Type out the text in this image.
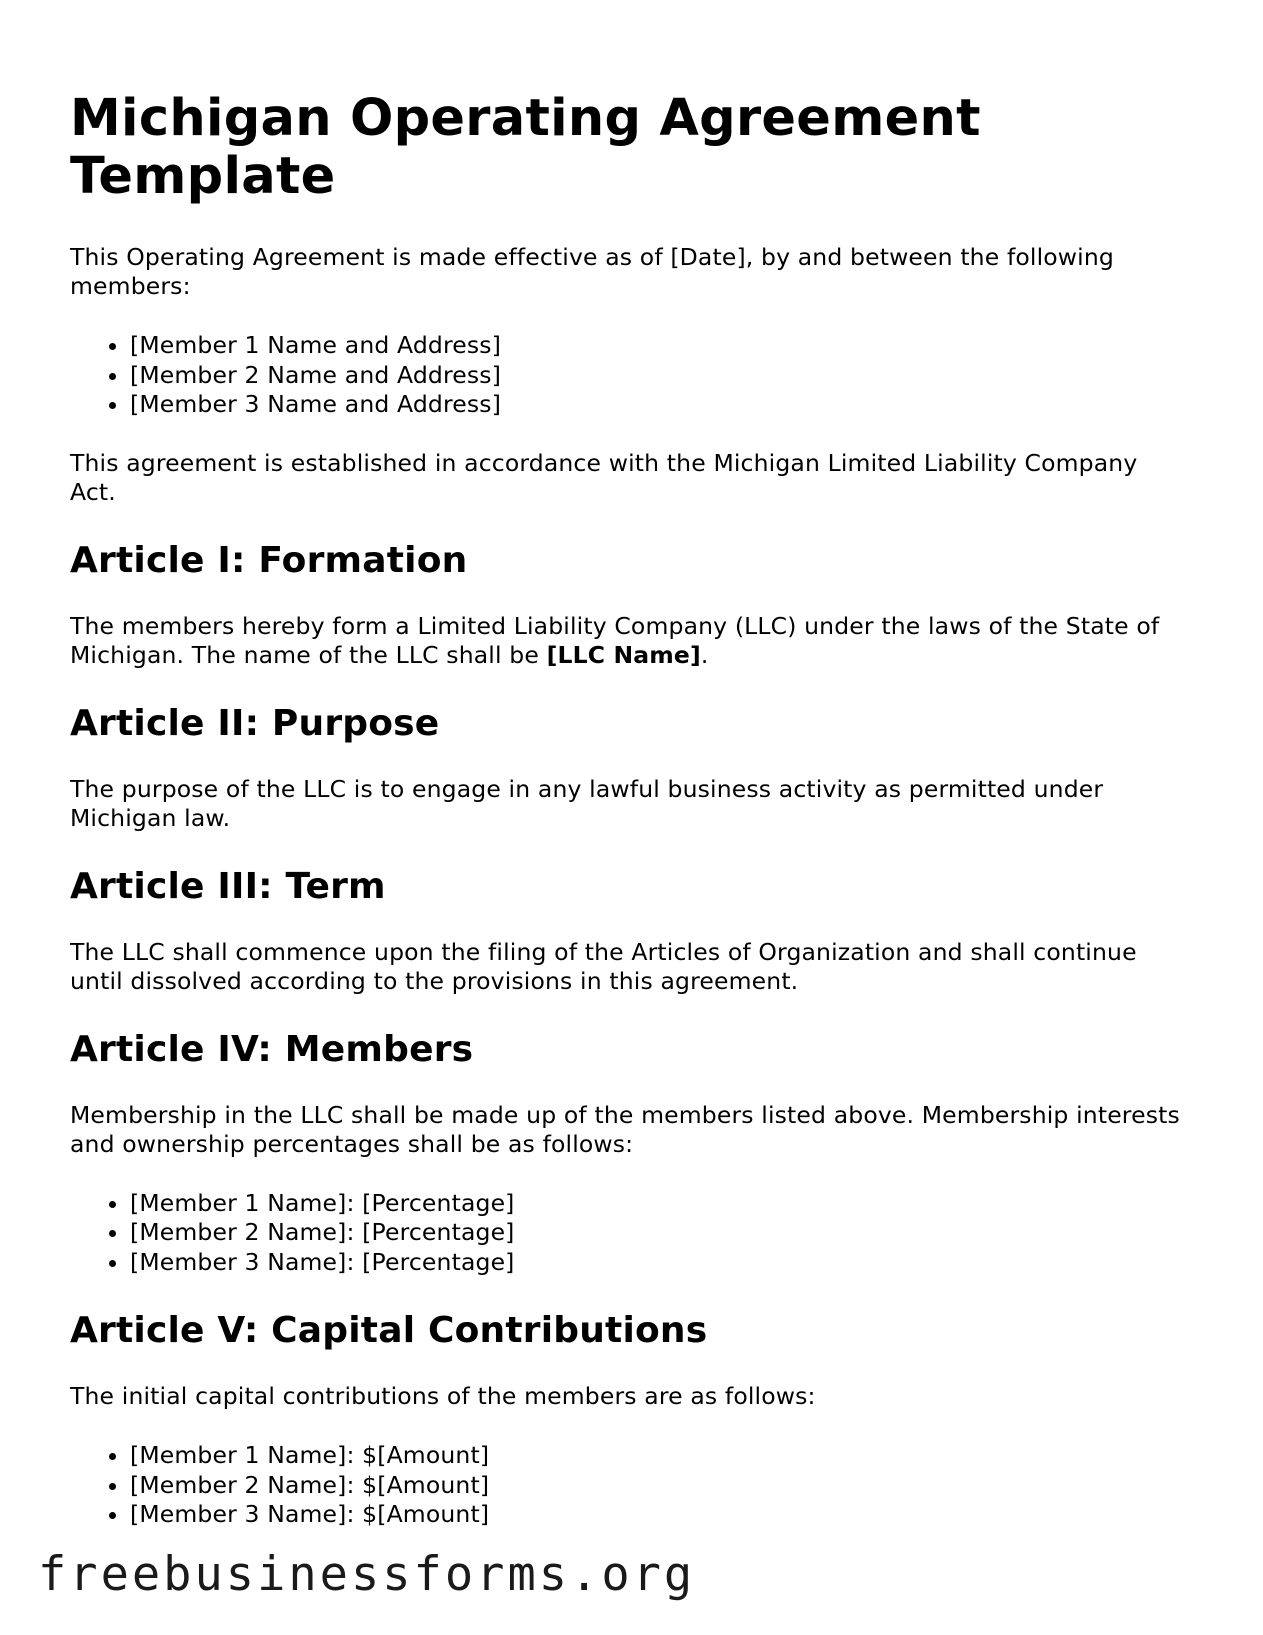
Michigan Operating Agreement Template

This Operating Agreement is made effective as of [Date], by and between the following members:

• [Member 1 Name and Address]
• [Member 2 Name and Address]
• [Member 3 Name and Address]

This agreement is established in accordance with the Michigan Limited Liability Company Act.

Article I: Formation

The members hereby form a Limited Liability Company (LLC) under the laws of the State of Michigan. The name of the LLC shall be [LLC Name].

Article II: Purpose

The purpose of the LLC is to engage in any lawful business activity as permitted under Michigan law.

Article III: Term

The LLC shall commence upon the filing of the Articles of Organization and shall continue until dissolved according to the provisions in this agreement.

Article IV: Members

Membership in the LLC shall be made up of the members listed above. Membership interests and ownership percentages shall be as follows:

• [Member 1 Name]: [Percentage]
• [Member 2 Name]: [Percentage]
• [Member 3 Name]: [Percentage]
Article V: Capital Contributions

The initial capital contributions of the members are as follows:

• [Member 1 Name]: $[Amount]
• [Member 2 Name]: $[Amount]
• [Member 3 Name]: $[Amount]
freebusinessforms.org
